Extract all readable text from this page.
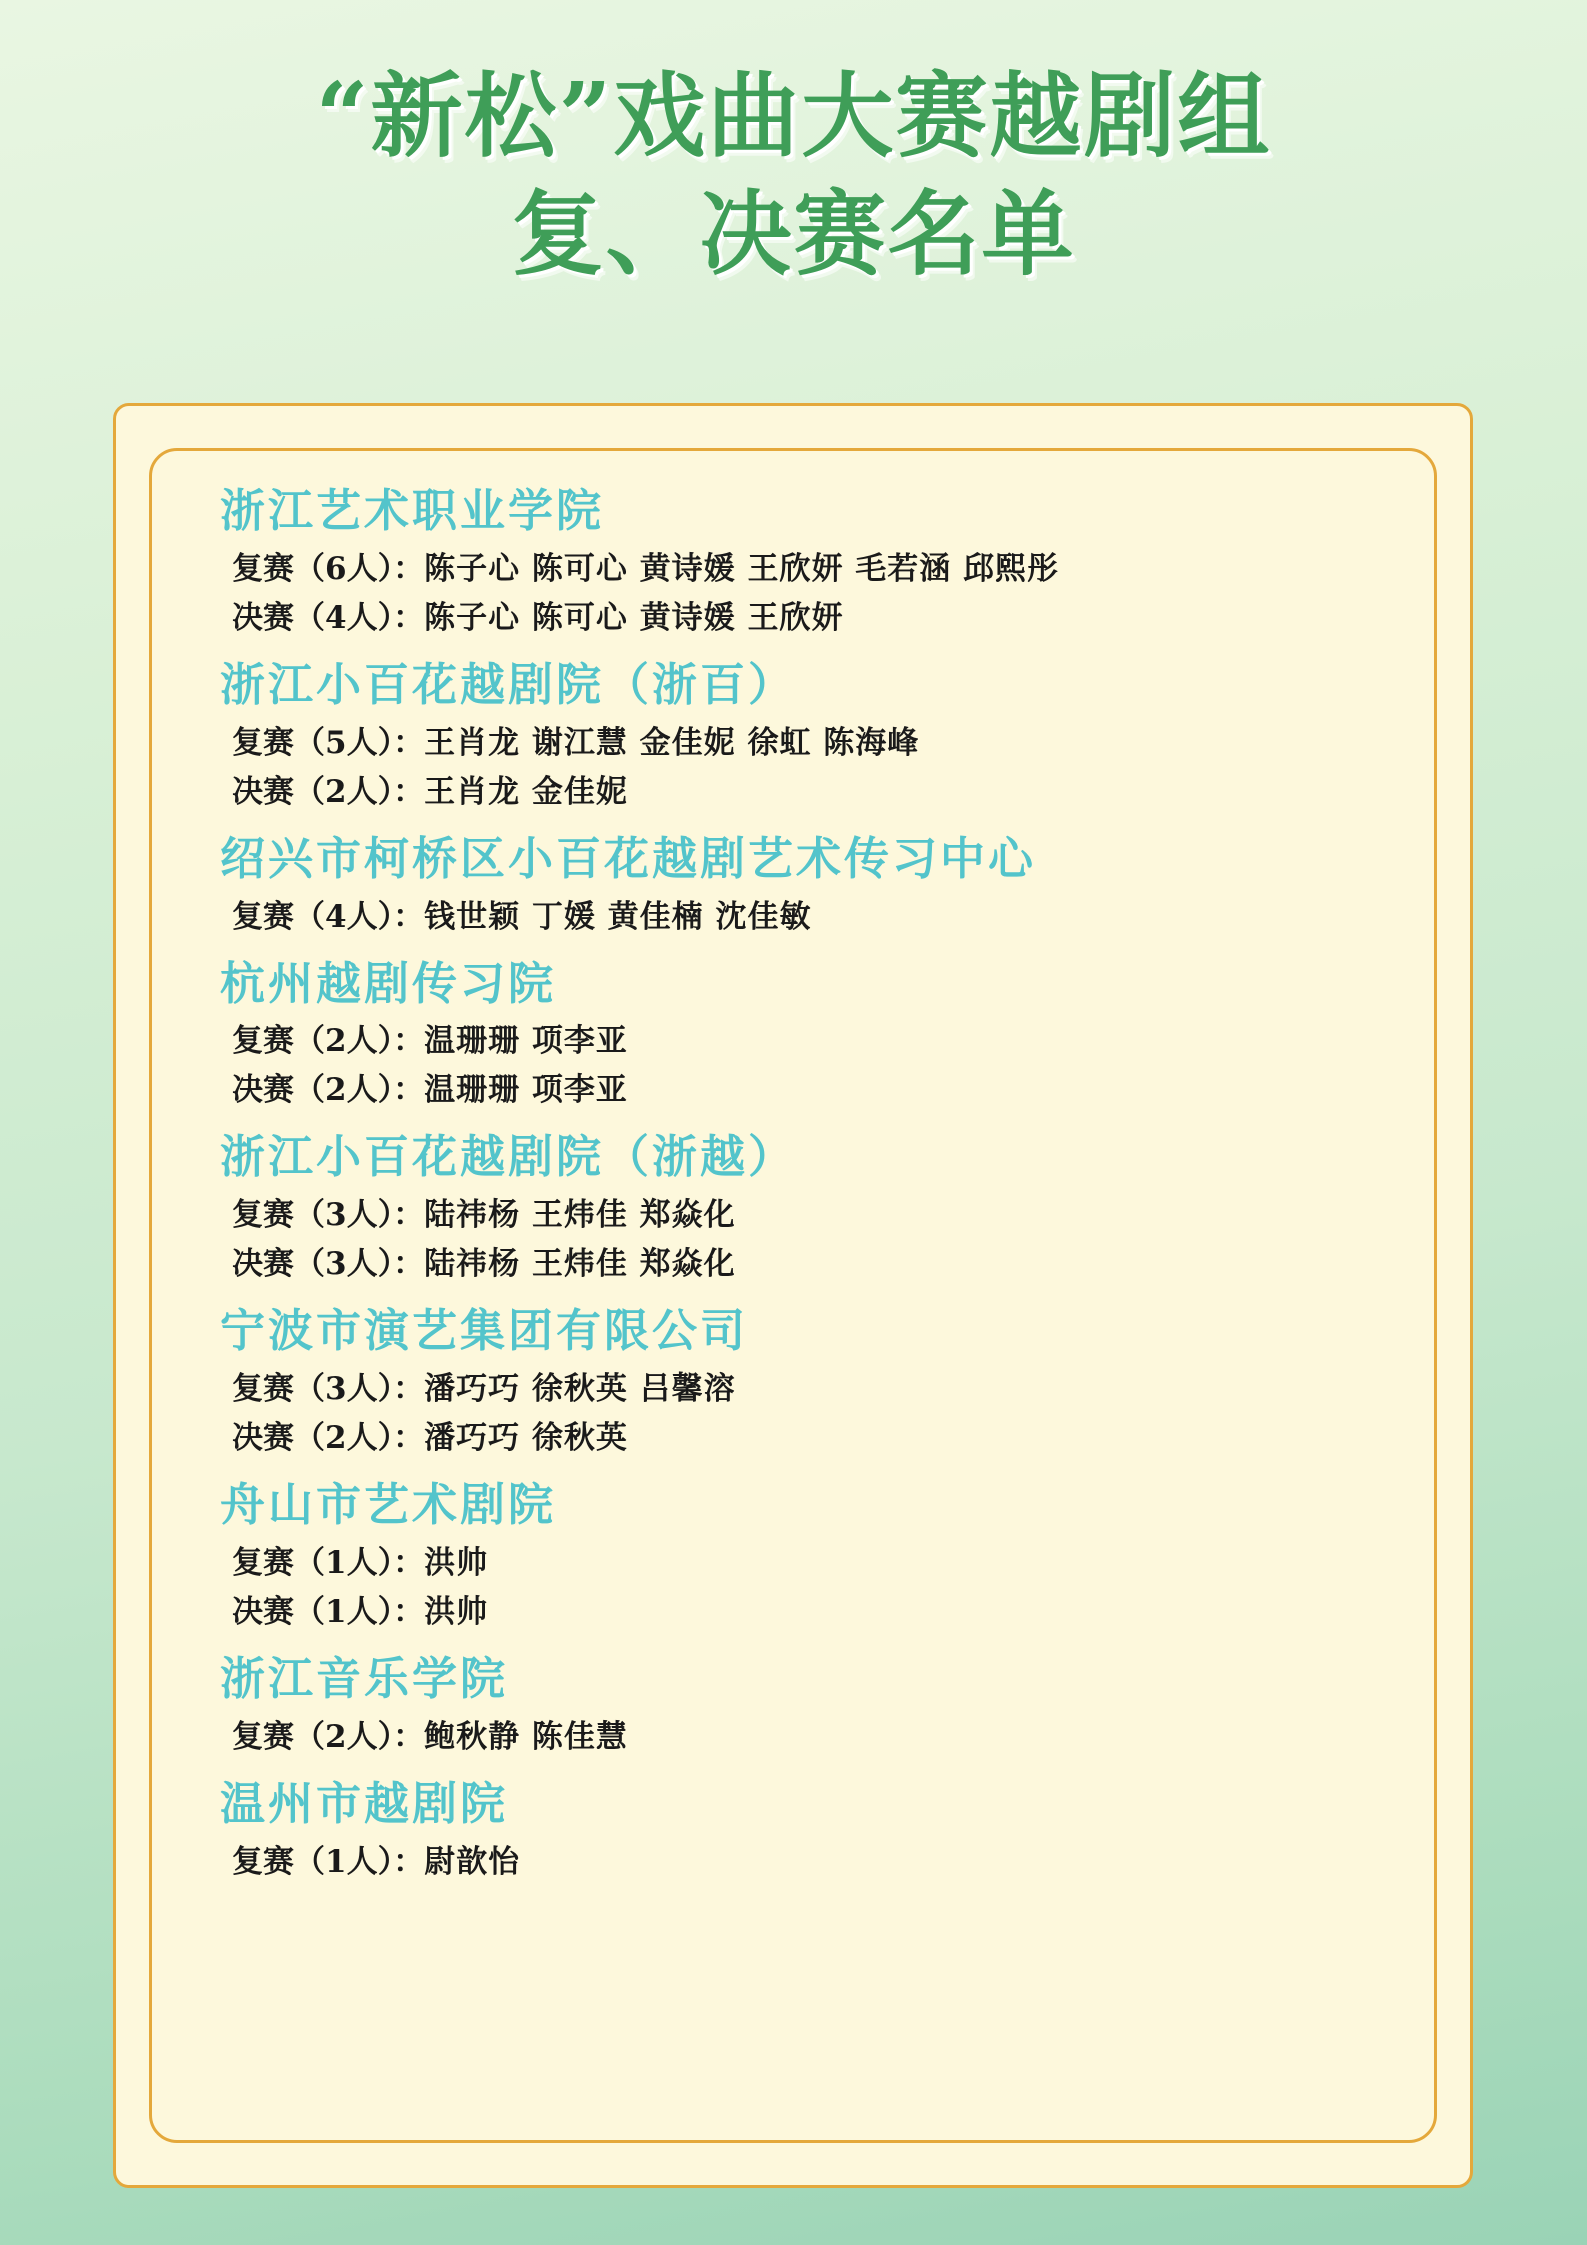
“新松”戏曲大赛越剧组
复、决赛名单
浙江艺术职业学院
复赛（6人）：陈子心 陈可心 黄诗媛 王欣妍 毛若涵 邱熙彤
决赛（4人）：陈子心 陈可心 黄诗媛 王欣妍
浙江小百花越剧院（浙百）
复赛（5人）：王肖龙 谢江慧 金佳妮 徐虹 陈海峰
决赛（2人）：王肖龙 金佳妮
绍兴市柯桥区小百花越剧艺术传习中心
复赛（4人）：钱世颖 丁媛 黄佳楠 沈佳敏
杭州越剧传习院
复赛（2人）：温珊珊 项李亚
决赛（2人）：温珊珊 项李亚
浙江小百花越剧院（浙越）
复赛（3人）：陆祎杨 王炜佳 郑焱化
决赛（3人）：陆祎杨 王炜佳 郑焱化
宁波市演艺集团有限公司
复赛（3人）：潘巧巧 徐秋英 吕馨溶
决赛（2人）：潘巧巧 徐秋英
舟山市艺术剧院
复赛（1人）：洪帅
决赛（1人）：洪帅
浙江音乐学院
复赛（2人）：鲍秋静 陈佳慧
温州市越剧院
复赛（1人）：尉歆怡
